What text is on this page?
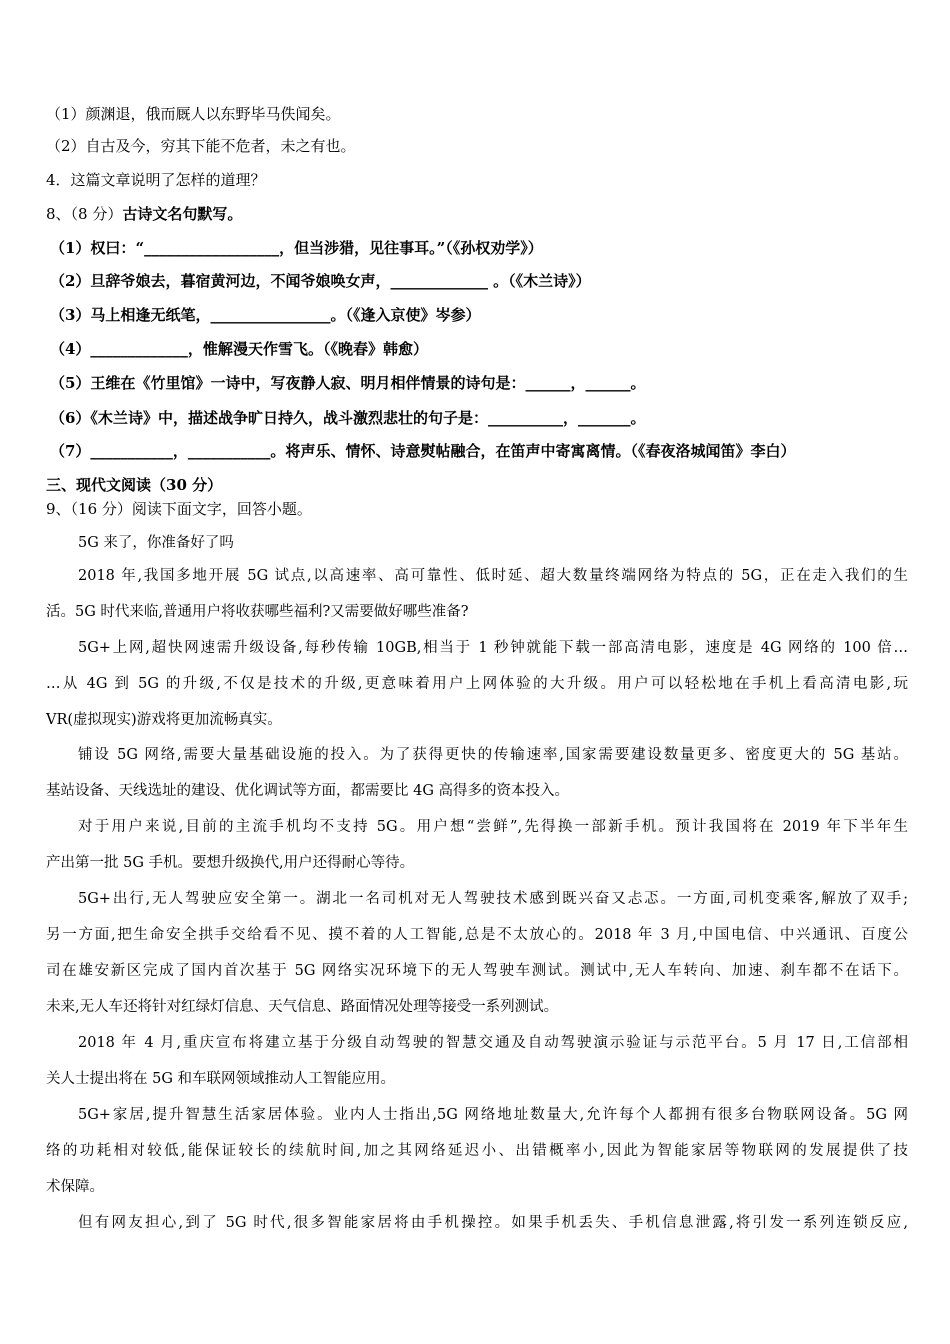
（1）颜渊退，俄而厩人以东野毕马佚闻矣。
（2）自古及今，穷其下能不危者，未之有也。
4．这篇文章说明了怎样的道理？
8、（8 分）古诗文名句默写。
（1）权曰：“__________________，但当涉猎，见往事耳。”（《孙权劝学》）
（2）旦辞爷娘去，暮宿黄河边，不闻爷娘唤女声，_____________ 。（《木兰诗》）
（3）马上相逢无纸笔，________________。（《逢入京使》岑参）
（4）_____________，惟解漫天作雪飞。（《晚春》韩愈）
（5）王维在《竹里馆》一诗中，写夜静人寂、明月相伴情景的诗句是：______，______。
（6）《木兰诗》中，描述战争旷日持久，战斗激烈悲壮的句子是：__________，_______。
（7）___________，___________。将声乐、情怀、诗意熨帖融合，在笛声中寄寓离情。（《春夜洛城闻笛》李白）
三、现代文阅读（30 分）
9、（16 分）阅读下面文字，回答小题。
5G 来了，你准备好了吗
2018 年,我国多地开展 5G 试点,以高速率、高可靠性、低时延、超大数量终端网络为特点的 5G，正在走入我们的生
活。5G 时代来临,普通用户将收获哪些福利?又需要做好哪些准备?
5G+上网,超快网速需升级设备,每秒传输 10GB,相当于 1 秒钟就能下载一部高清电影，速度是 4G 网络的 100 倍…
…从 4G 到 5G 的升级,不仅是技术的升级,更意味着用户上网体验的大升级。用户可以轻松地在手机上看高清电影,玩
VR(虚拟现实)游戏将更加流畅真实。
铺设 5G 网络,需要大量基础设施的投入。为了获得更快的传输速率,国家需要建设数量更多、密度更大的 5G 基站。
基站设备、天线选址的建设、优化调试等方面，都需要比 4G 高得多的资本投入。
对于用户来说,目前的主流手机均不支持 5G。用户想“尝鲜”,先得换一部新手机。预计我国将在 2019 年下半年生
产出第一批 5G 手机。要想升级换代,用户还得耐心等待。
5G+出行,无人驾驶应安全第一。湖北一名司机对无人驾驶技术感到既兴奋又忐忑。一方面,司机变乘客,解放了双手;
另一方面,把生命安全拱手交给看不见、摸不着的人工智能,总是不太放心的。2018 年 3 月,中国电信、中兴通讯、百度公
司在雄安新区完成了国内首次基于 5G 网络实况环境下的无人驾驶车测试。测试中,无人车转向、加速、刹车都不在话下。
未来,无人车还将针对红绿灯信息、天气信息、路面情况处理等接受一系列测试。
2018 年 4 月,重庆宣布将建立基于分级自动驾驶的智慧交通及自动驾驶演示验证与示范平台。5 月 17 日,工信部相
关人士提出将在 5G 和车联网领域推动人工智能应用。
5G+家居,提升智慧生活家居体验。业内人士指出,5G 网络地址数量大,允许每个人都拥有很多台物联网设备。5G 网
络的功耗相对较低,能保证较长的续航时间,加之其网络延迟小、出错概率小,因此为智能家居等物联网的发展提供了技
术保障。
但有网友担心,到了 5G 时代,很多智能家居将由手机操控。如果手机丢失、手机信息泄露,将引发一系列连锁反应,
